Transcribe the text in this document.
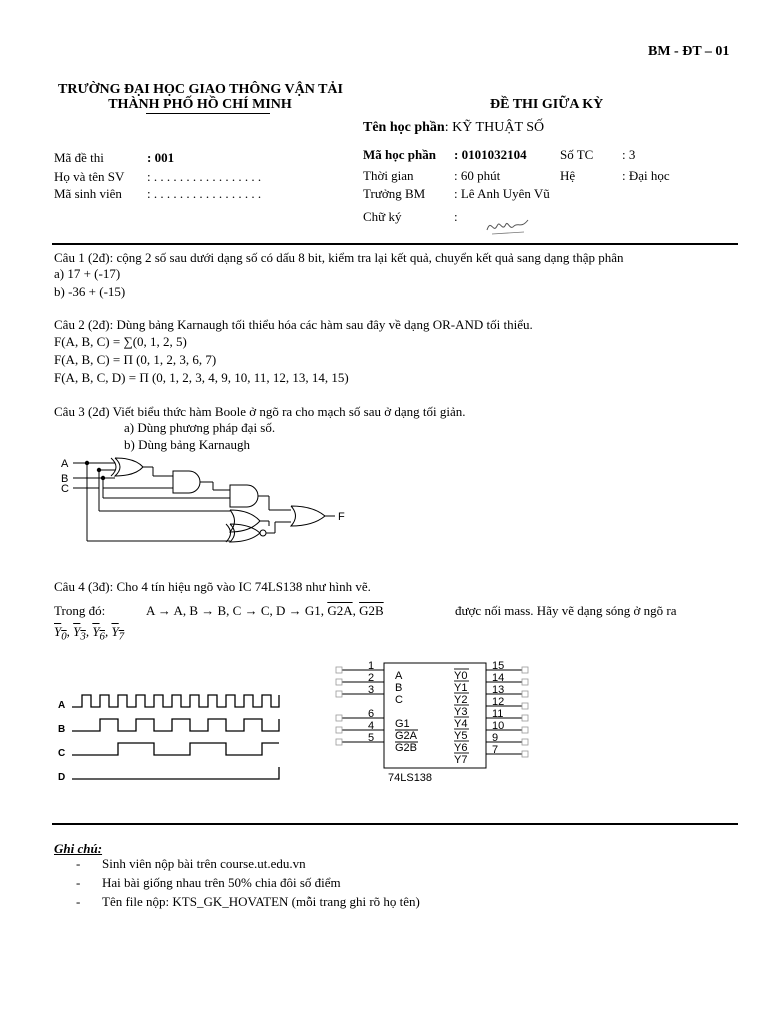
BM - ĐT – 01
TRƯỜNG ĐẠI HỌC GIAO THÔNG VẬN TẢI
THÀNH PHỐ HỒ CHÍ MINH	ĐỀ THI GIỮA KỲ
Tên học phần: KỸ THUẬT SỐ
Mã đề thi	: 001
Họ và tên SV : . . . . . . . . . . . . . . . . .
Mã sinh viên : . . . . . . . . . . . . . . . . .
Mã học phần : 0101032104	Số TC : 3
Thời gian	: 60 phút	Hệ	: Đại học
Trưởng BM : Lê Anh Uyên Vũ
Chữ ký	:
Câu 1 (2đ): cộng 2 số sau dưới dạng số có dấu 8 bit, kiểm tra lại kết quả, chuyển kết quả sang dạng thập phân
a) 17 + (-17)
b) -36 + (-15)
Câu 2 (2đ): Dùng bảng Karnaugh tối thiểu hóa các hàm sau đây về dạng OR-AND tối thiểu.
F(A, B, C) = ∑(0, 1, 2, 5)
F(A, B, C) = Π (0, 1, 2, 3, 6, 7)
F(A, B, C, D) = Π (0, 1, 2, 3, 4, 9, 10, 11, 12, 13, 14, 15)
Câu 3 (2đ) Viết biểu thức hàm Boole ở ngõ ra cho mạch số sau ở dạng tối giản.
a) Dùng phương pháp đại số.
b) Dùng bảng Karnaugh
A
B
C
F
Câu 4 (3đ): Cho 4 tín hiệu ngõ vào IC 74LS138 như hình vẽ.
Trong đó:	A → A, B → B, C → C, D → G1, G2A, G2B	được nối mass. Hãy vẽ dạng sóng ở ngõ ra
$Y_0$, $Y_3$, $Y_6$, $Y_7$
A
B
C
D
1
2
3
6
4
5
A
B
C
G1
G2A
G2B
Y0
Y1
Y2
Y3
Y4
Y5
Y6
Y7
15
14
13
12
11
10
9
7
74LS138
Ghi chú:
- Sinh viên nộp bài trên course.ut.edu.vn
- Hai bài giống nhau trên 50% chia đôi số điểm
- Tên file nộp: KTS_GK_HOVATEN (mỗi trang ghi rõ họ tên)
